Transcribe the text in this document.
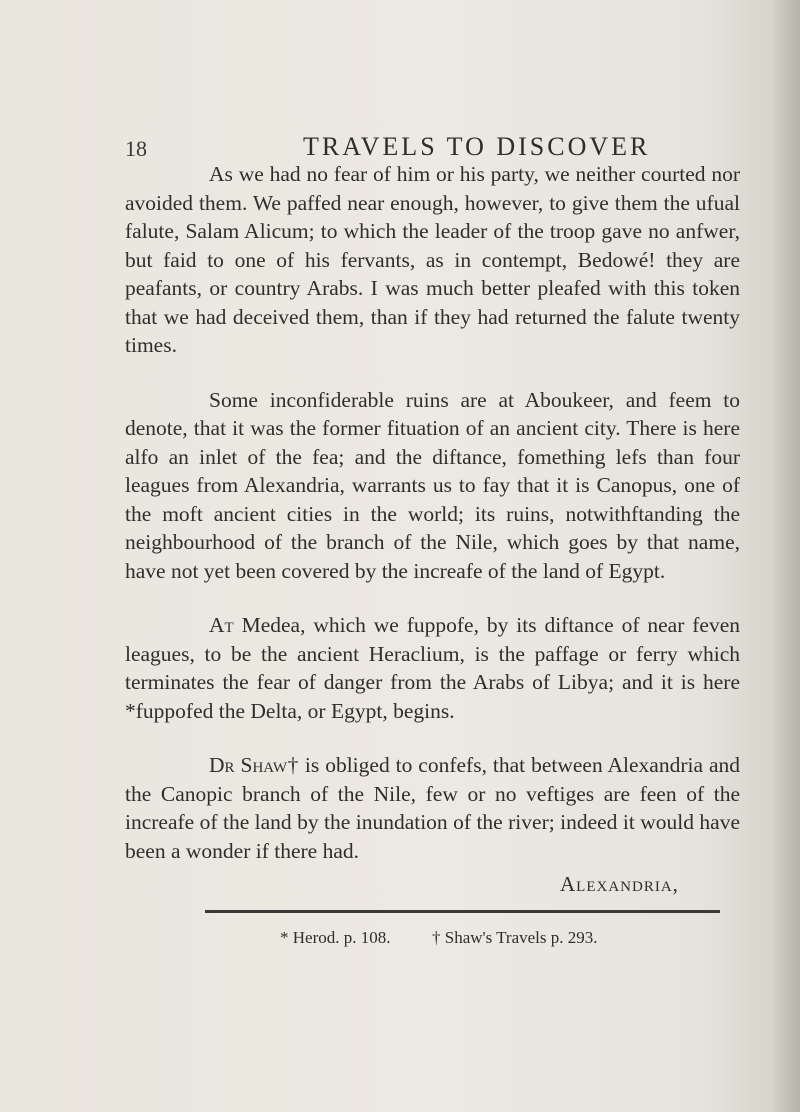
18	TRAVELS TO DISCOVER

As we had no fear of him or his party, we neither courted nor avoided them. We paffed near enough, however, to give them the ufual falute, Salam Alicum; to which the leader of the troop gave no anfwer, but faid to one of his fervants, as in contempt, Bedowé! they are peafants, or country Arabs. I was much better pleafed with this token that we had deceived them, than if they had returned the falute twenty times.

Some inconfiderable ruins are at Aboukeer, and feem to denote, that it was the former fituation of an ancient city. There is here alfo an inlet of the fea; and the diftance, fomething lefs than four leagues from Alexandria, warrants us to fay that it is Canopus, one of the moft ancient cities in the world; its ruins, notwithftanding the neighbourhood of the branch of the Nile, which goes by that name, have not yet been covered by the increafe of the land of Egypt.

At Medea, which we fuppofe, by its diftance of near feven leagues, to be the ancient Heraclium, is the paffage or ferry which terminates the fear of danger from the Arabs of Libya; and it is here *fuppofed the Delta, or Egypt, begins.

Dr Shaw† is obliged to confefs, that between Alexandria and the Canopic branch of the Nile, few or no veftiges are feen of the increafe of the land by the inundation of the river; indeed it would have been a wonder if there had.

Alexandria,
* Herod. p. 108. † Shaw's Travels p. 293.
